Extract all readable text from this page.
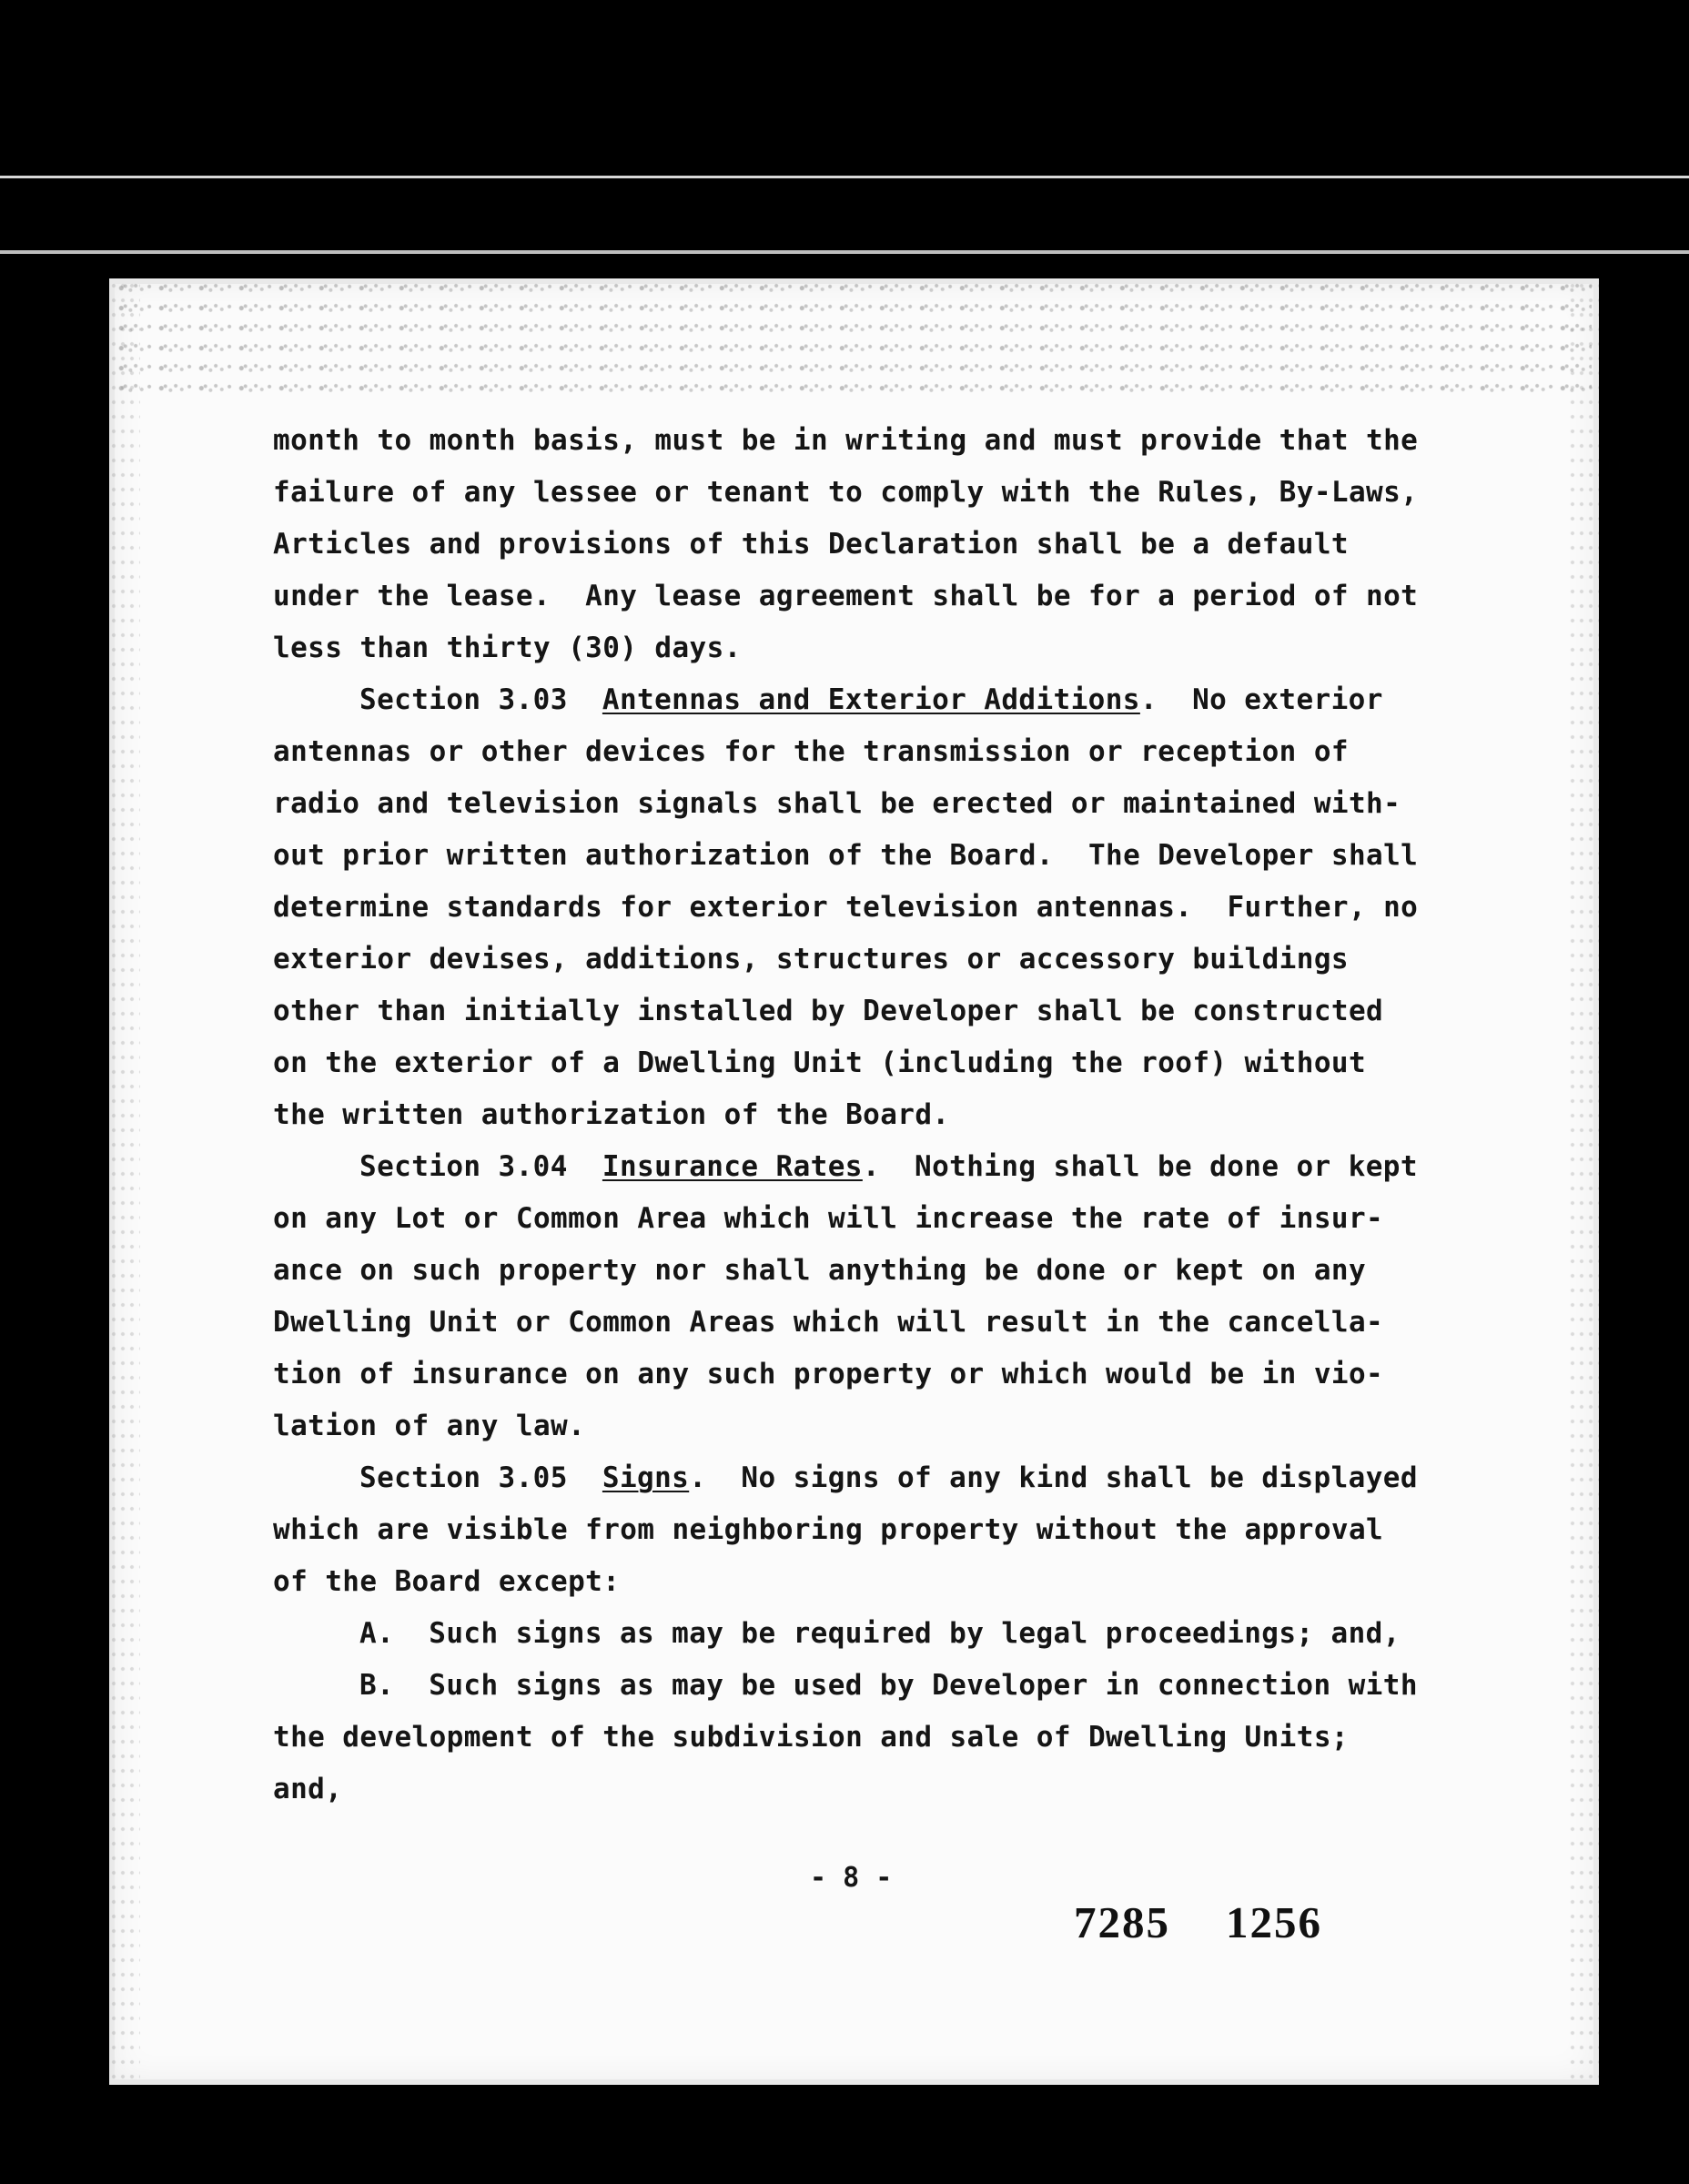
month to month basis, must be in writing and must provide that the
failure of any lessee or tenant to comply with the Rules, By-Laws,
Articles and provisions of this Declaration shall be a default
under the lease.  Any lease agreement shall be for a period of not
less than thirty (30) days.
Section 3.03  Antennas and Exterior Additions.  No exterior
antennas or other devices for the transmission or reception of
radio and television signals shall be erected or maintained with-
out prior written authorization of the Board.  The Developer shall
determine standards for exterior television antennas.  Further, no
exterior devises, additions, structures or accessory buildings
other than initially installed by Developer shall be constructed
on the exterior of a Dwelling Unit (including the roof) without
the written authorization of the Board.
Section 3.04  Insurance Rates.  Nothing shall be done or kept
on any Lot or Common Area which will increase the rate of insur-
ance on such property nor shall anything be done or kept on any
Dwelling Unit or Common Areas which will result in the cancella-
tion of insurance on any such property or which would be in vio-
lation of any law.
Section 3.05  Signs.  No signs of any kind shall be displayed
which are visible from neighboring property without the approval
of the Board except:
A.  Such signs as may be required by legal proceedings; and,
B.  Such signs as may be used by Developer in connection with
the development of the subdivision and sale of Dwelling Units;
and,
- 8 -
7285 1256
